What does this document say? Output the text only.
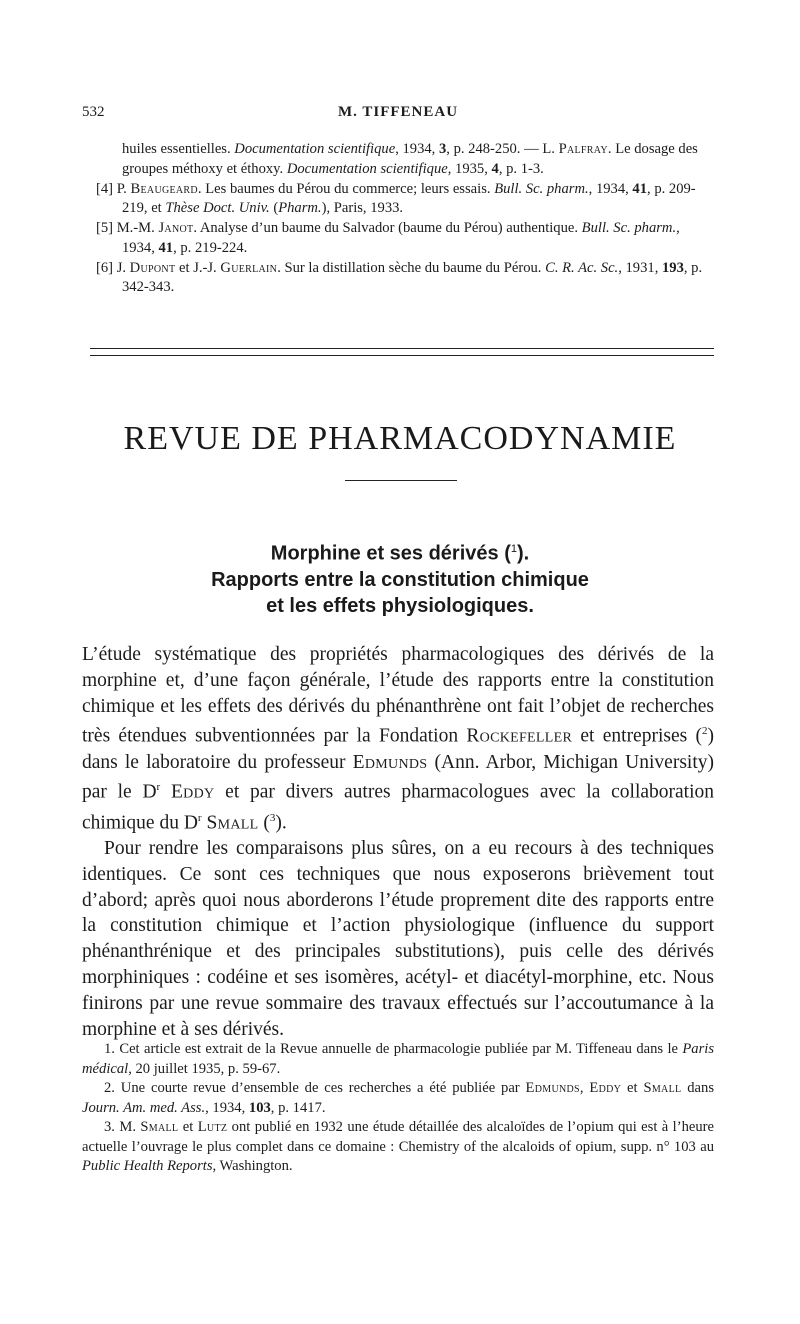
532	M. TIFFENEAU
huiles essentielles. Documentation scientifique, 1934, 3, p. 248-250. — L. Palfray. Le dosage des groupes méthoxy et éthoxy. Documentation scientifique, 1935, 4, p. 1-3.
[4] P. Beaugeard. Les baumes du Pérou du commerce; leurs essais. Bull. Sc. pharm., 1934, 41, p. 209-219, et Thèse Doct. Univ. (Pharm.), Paris, 1933.
[5] M.-M. Janot. Analyse d’un baume du Salvador (baume du Pérou) authentique. Bull. Sc. pharm., 1934, 41, p. 219-224.
[6] J. Dupont et J.-J. Guerlain. Sur la distillation sèche du baume du Pérou. C. R. Ac. Sc., 1931, 193, p. 342-343.
REVUE DE PHARMACODYNAMIE
Morphine et ses dérivés ($^1$).
Rapports entre la constitution chimique
et les effets physiologiques.

L’étude systématique des propriétés pharmacologiques des dérivés de la morphine et, d’une façon générale, l’étude des rapports entre la constitution chimique et les effets des dérivés du phénanthrène ont fait l’objet de recherches très étendues subventionnées par la Fondation Rockefeller et entreprises ($^2$) dans le laboratoire du professeur Edmunds (Ann. Arbor, Michigan University) par le $D^r$ Eddy et par divers autres pharmacologues avec la collaboration chimique du $D^r$ Small ($^3$).

Pour rendre les comparaisons plus sûres, on a eu recours à des techniques identiques. Ce sont ces techniques que nous exposerons brièvement tout d’abord; après quoi nous aborderons l’étude proprement dite des rapports entre la constitution chimique et l’action physiologique (influence du support phénanthrénique et des principales substitutions), puis celle des dérivés morphiniques : codéine et ses isomères, acétyl- et diacétyl-morphine, etc. Nous finirons par une revue sommaire des travaux effectués sur l’accoutumance à la morphine et à ses dérivés.

1. Cet article est extrait de la Revue annuelle de pharmacologie publiée par M. Tiffeneau dans le Paris médical, 20 juillet 1935, p. 59-67.

2. Une courte revue d’ensemble de ces recherches a été publiée par Edmunds, Eddy et Small dans Journ. Am. med. Ass., 1934, 103, p. 1417.

3. M. Small et Lutz ont publié en 1932 une étude détaillée des alcaloïdes de l’opium qui est à l’heure actuelle l’ouvrage le plus complet dans ce domaine : Chemistry of the alcaloids of opium, supp. n° 103 au Public Health Reports, Washington.
